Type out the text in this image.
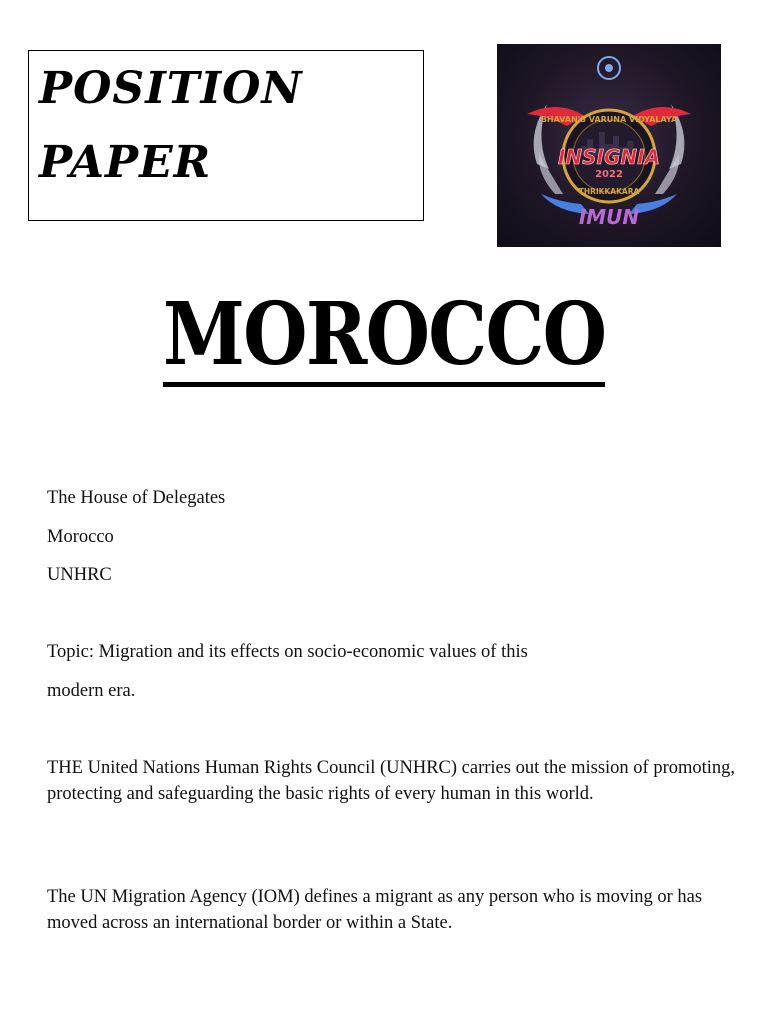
POSITION
PAPER
BHAVAN'S VARUNA VIDYALAYA
INSIGNIA
2022
THRIKKAKARA
IMUN
MOROCCO

The House of Delegates

Morocco

UNHRC

Topic: Migration and its effects on socio-economic values of this

modern era.

THE United Nations Human Rights Council (UNHRC) carries out the mission of promoting, protecting and safeguarding the basic rights of every human in this world.

The UN Migration Agency (IOM) defines a migrant as any person who is moving or has moved across an international border or within a State.
